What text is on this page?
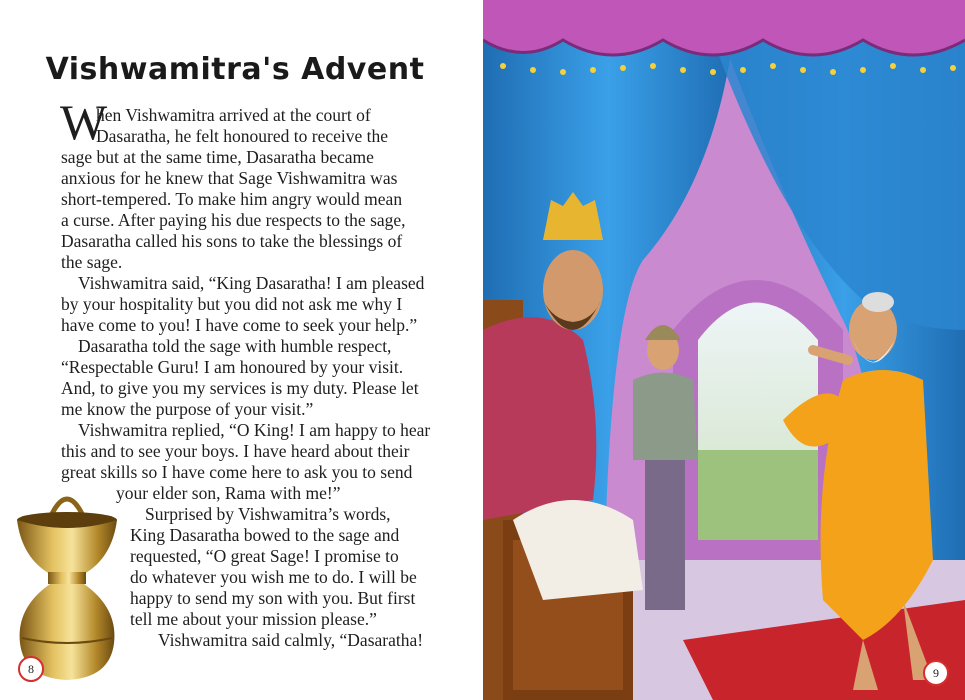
Vishwamitra's Advent
W

hen Vishwamitra arrived at the court of

Dasaratha, he felt honoured to receive the

sage but at the same time, Dasaratha became

anxious for he knew that Sage Vishwamitra was

short-tempered. To make him angry would mean

a curse. After paying his due respects to the sage,

Dasaratha called his sons to take the blessings of

the sage.

Vishwamitra said, “King Dasaratha! I am pleased

by your hospitality but you did not ask me why I

have come to you! I have come to seek your help.”

Dasaratha told the sage with humble respect,

“Respectable Guru! I am honoured by your visit.

And, to give you my services is my duty. Please let

me know the purpose of your visit.”

Vishwamitra replied, “O King! I am happy to hear

this and to see your boys. I have heard about their

great skills so I have come here to ask you to send

your elder son, Rama with me!”

Surprised by Vishwamitra’s words,

King Dasaratha bowed to the sage and

requested, “O great Sage! I promise to

do whatever you wish me to do. I will be

happy to send my son with you. But first

tell me about your mission please.”

Vishwamitra said calmly, “Dasaratha!

8	9
